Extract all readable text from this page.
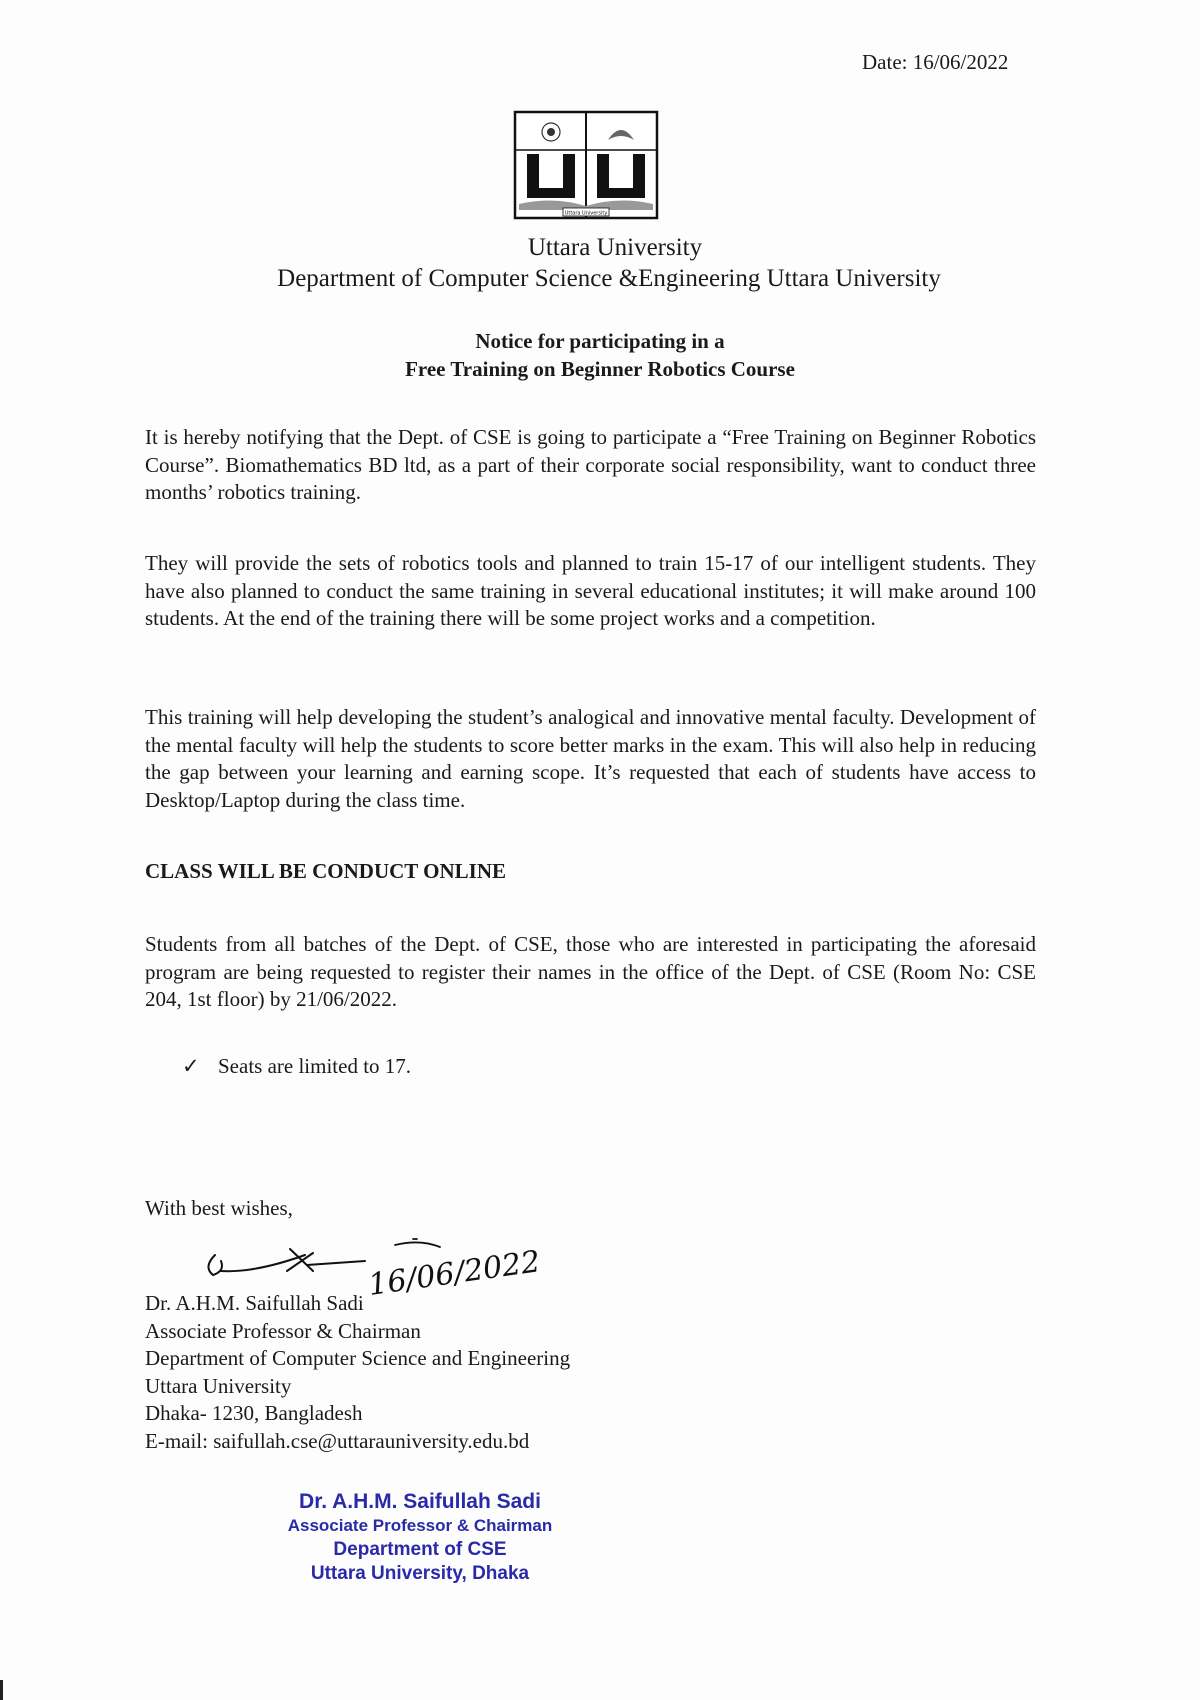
Date: 16/06/2022
Uttara University
Uttara University
Department of Computer Science &Engineering Uttara University
Notice for participating in a
Free Training on Beginner Robotics Course
It is hereby notifying that the Dept. of CSE is going to participate a “Free Training on Beginner Robotics Course”. Biomathematics BD ltd, as a part of their corporate social responsibility, want to conduct three months’ robotics training.
They will provide the sets of robotics tools and planned to train 15-17 of our intelligent students. They have also planned to conduct the same training in several educational institutes; it will make around 100 students. At the end of the training there will be some project works and a competition.
This training will help developing the student’s analogical and innovative mental faculty. Development of the mental faculty will help the students to score better marks in the exam. This will also help in reducing the gap between your learning and earning scope. It’s requested that each of students have access to Desktop/Laptop during the class time.
CLASS WILL BE CONDUCT ONLINE
Students from all batches of the Dept. of CSE, those who are interested in participating the aforesaid program are being requested to register their names in the office of the Dept. of CSE (Room No: CSE 204, 1st floor) by 21/06/2022.
✓ Seats are limited to 17.
With best wishes,
16/06/2022
Dr. A.H.M. Saifullah Sadi
Associate Professor & Chairman
Department of Computer Science and Engineering
Uttara University
Dhaka- 1230, Bangladesh
E-mail: saifullah.cse@uttarauniversity.edu.bd
Dr. A.H.M. Saifullah Sadi
Associate Professor & Chairman
Department of CSE
Uttara University, Dhaka
